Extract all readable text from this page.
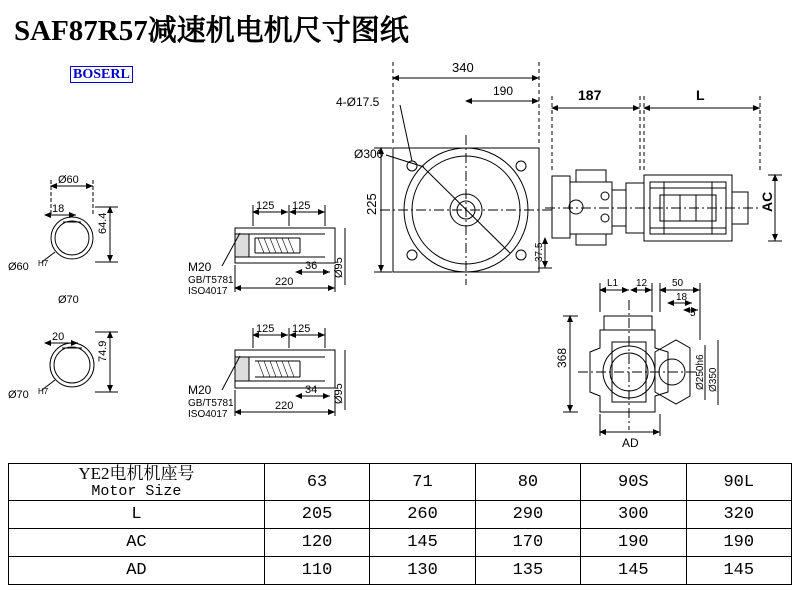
SAF87R57减速机电机尺寸图纸
BOSERL
Ø60
64.4
18
Ø60 H7
Ø70
74.9
20
Ø70 H7
125 125
M20
GB/T5781
ISO4017
36
220
Ø95
125 125
M20
GB/T5781
ISO4017
34
220
Ø95
340
190
4-Ø17.5
Ø300
225
37.5
187	L
AC
L1 12 50
18
5
368	Ø250h6 Ø350
AD
YE2电机机座号
Motor Size	63	71	80	90S	90L
L	205	260	290	300	320
AC	120	145	170	190	190
AD	110	130	135	145	145
